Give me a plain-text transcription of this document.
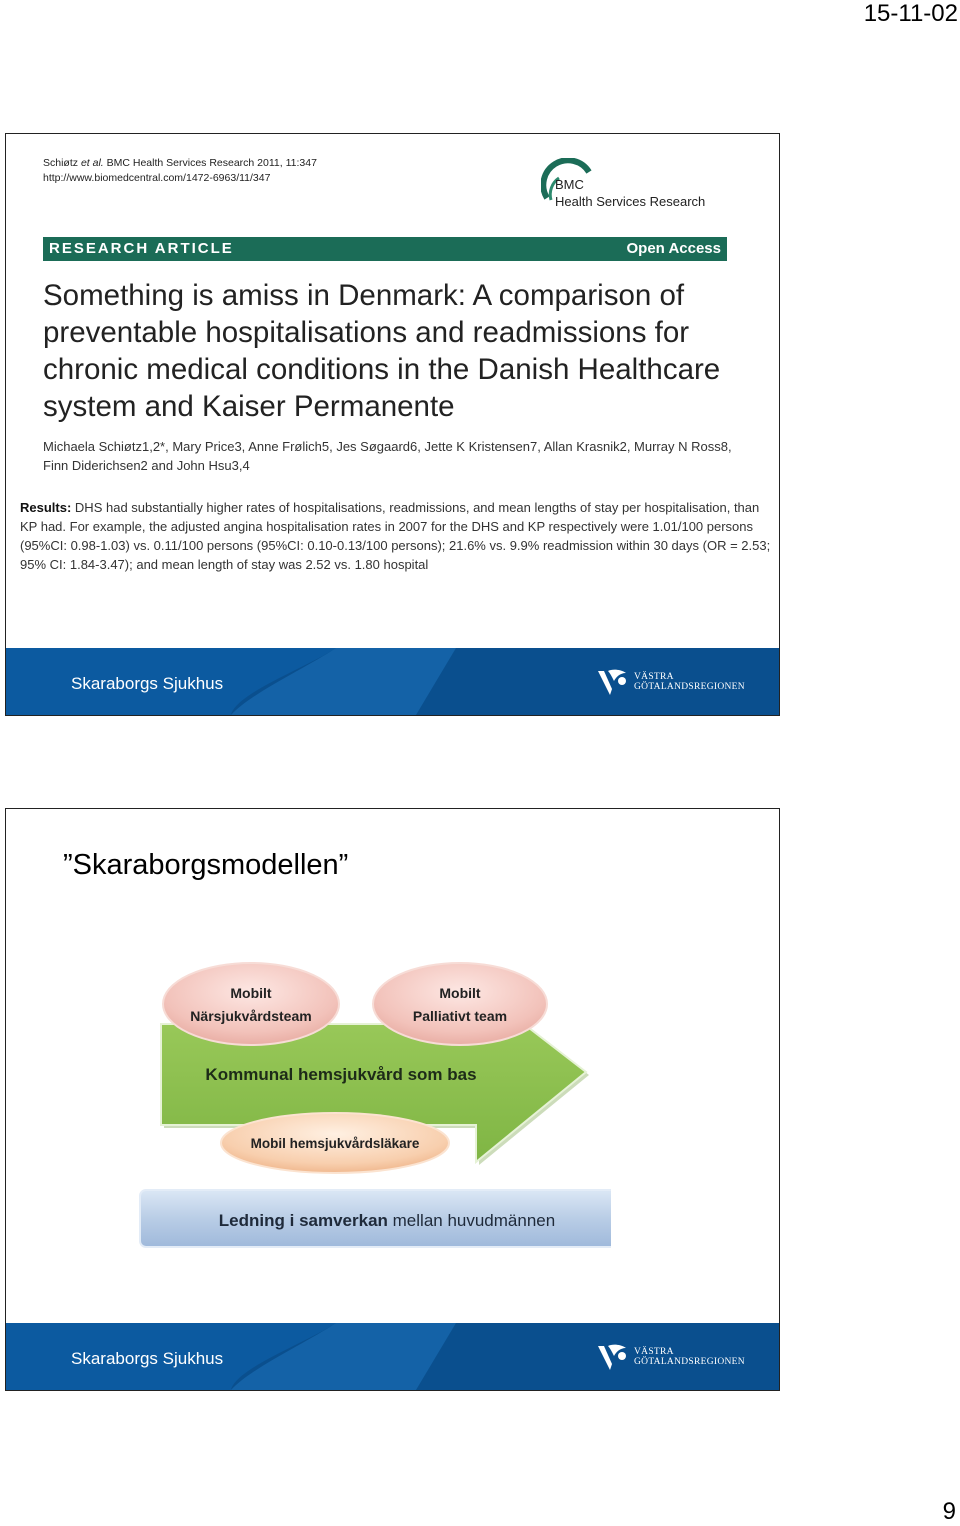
15-11-02
Schiøtz et al. BMC Health Services Research 2011, 11:347
http://www.biomedcentral.com/1472-6963/11/347	BMC
Health Services Research
RESEARCH ARTICLE	Open Access
Something is amiss in Denmark: A comparison of preventable hospitalisations and readmissions for chronic medical conditions in the Danish Healthcare system and Kaiser Permanente
Michaela Schiøtz1,2*, Mary Price3, Anne Frølich5, Jes Søgaard6, Jette K Kristensen7, Allan Krasnik2, Murray N Ross8, Finn Diderichsen2 and John Hsu3,4
Results: DHS had substantially higher rates of hospitalisations, readmissions, and mean lengths of stay per hospitalisation, than KP had. For example, the adjusted angina hospitalisation rates in 2007 for the DHS and KP respectively were 1.01/100 persons (95%CI: 0.98-1.03) vs. 0.11/100 persons (95%CI: 0.10-0.13/100 persons); 21.6% vs. 9.9% readmission within 30 days (OR = 2.53; 95% CI: 1.84-3.47); and mean length of stay was 2.52 vs. 1.80 hospital
Skaraborgs Sjukhus	VÄSTRA
GÖTALANDSREGIONEN
”Skaraborgsmodellen”
Kommunal hemsjukvård som bas
Mobilt
Närsjukvårdsteam
Mobilt
Palliativt team
Mobil hemsjukvårdsläkare
Ledning i samverkan mellan huvudmännen
Skaraborgs Sjukhus	VÄSTRA
GÖTALANDSREGIONEN
9
